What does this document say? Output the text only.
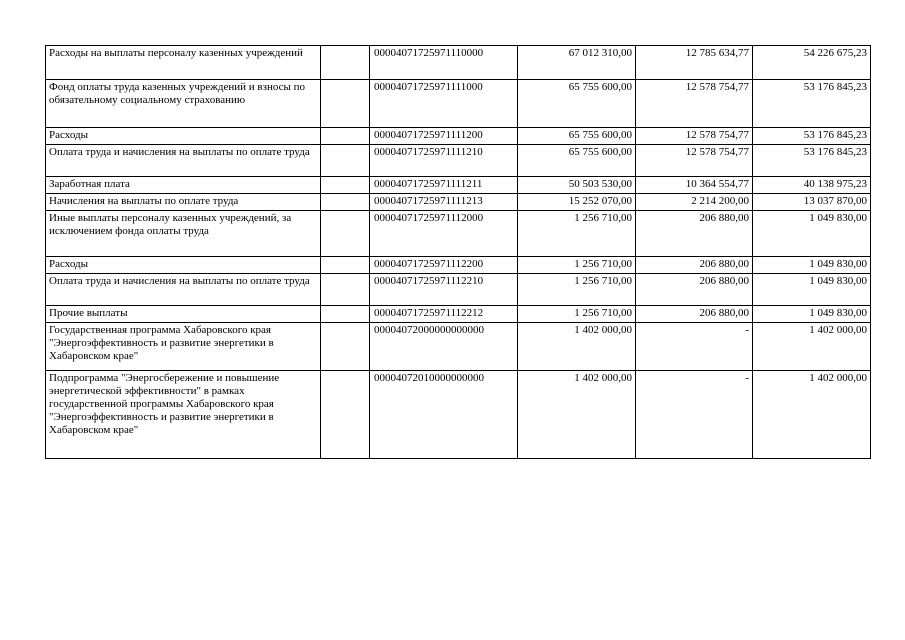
Расходы на выплаты персоналу казенных учреждений		00004071725971110000	67 012 310,00	12 785 634,77	54 226 675,23
Фонд оплаты труда казенных учреждений и взносы по обязательному социальному страхованию		00004071725971111000	65 755 600,00	12 578 754,77	53 176 845,23
Расходы		00004071725971111200	65 755 600,00	12 578 754,77	53 176 845,23
Оплата труда и начисления на выплаты по оплате труда		00004071725971111210	65 755 600,00	12 578 754,77	53 176 845,23
Заработная плата		00004071725971111211	50 503 530,00	10 364 554,77	40 138 975,23
Начисления на выплаты по оплате труда		00004071725971111213	15 252 070,00	2 214 200,00	13 037 870,00
Иные выплаты персоналу казенных учреждений, за исключением фонда оплаты труда		00004071725971112000	1 256 710,00	206 880,00	1 049 830,00
Расходы		00004071725971112200	1 256 710,00	206 880,00	1 049 830,00
Оплата труда и начисления на выплаты по оплате труда		00004071725971112210	1 256 710,00	206 880,00	1 049 830,00
Прочие выплаты		00004071725971112212	1 256 710,00	206 880,00	1 049 830,00
Государственная программа Хабаровского края "Энергоэффективность и развитие энергетики в Хабаровском крае"		00004072000000000000	1 402 000,00	-	1 402 000,00
Подпрограмма "Энергосбережение и повышение энергетической эффективности" в рамках государственной программы Хабаровского края "Энергоэффективность и развитие энергетики в Хабаровском крае"		00004072010000000000	1 402 000,00	-	1 402 000,00
